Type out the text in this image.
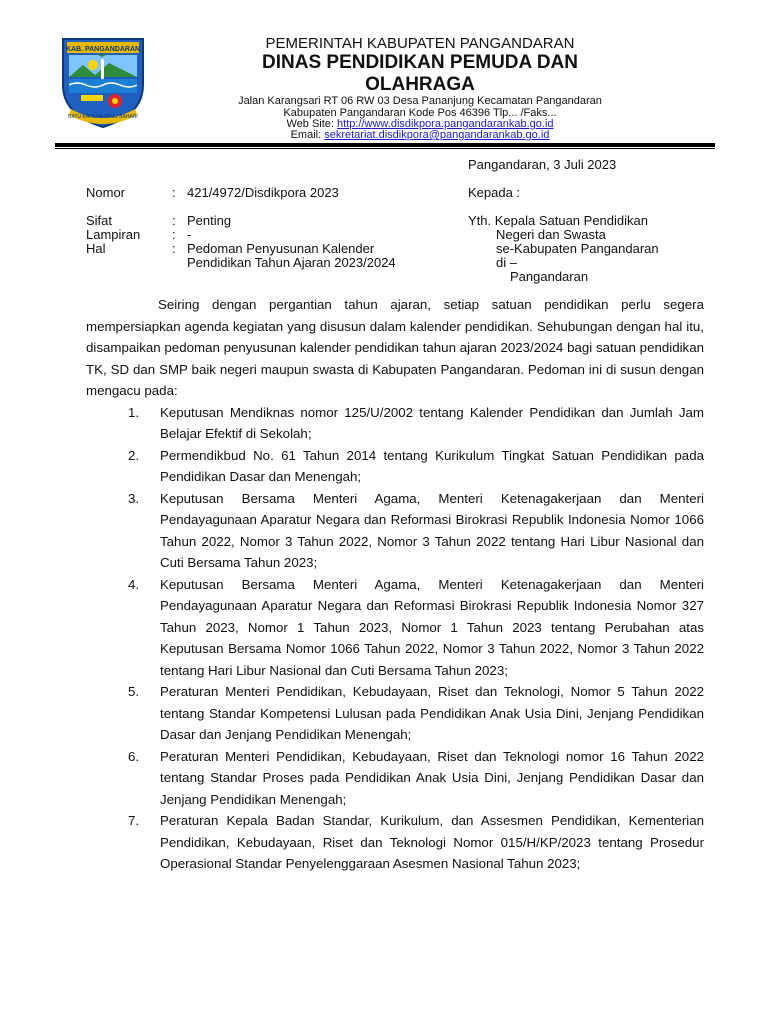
KAB. PANGANDARAN
BATU KARENA MAJU BAHARI
PEMERINTAH KABUPATEN PANGANDARAN
DINAS PENDIDIKAN PEMUDA DAN
OLAHRAGA
Jalan Karangsari RT 06 RW 03 Desa Pananjung Kecamatan Pangandaran
Kabupaten Pangandaran Kode Pos 46396 Tlp... /Faks...
Web Site: http://www.disdikpora.pangandarankab.go.id
Email: sekretariat.disdikpora@pangandarankab.go.id
Pangandaran, 3 Juli 2023
Nomor	: 421/4972/Disdikpora 2023
Sifat	: Penting
Lampiran : -
Hal	: Pedoman Penyusunan Kalender
Pendidikan Tahun Ajaran 2023/2024
Kepada :
Yth. Kepala Satuan Pendidikan
Negeri dan Swasta
se-Kabupaten Pangandaran
di –
Pangandaran

Seiring dengan pergantian tahun ajaran, setiap satuan pendidikan perlu segera mempersiapkan agenda kegiatan yang disusun dalam kalender pendidikan. Sehubungan dengan hal itu, disampaikan pedoman penyusunan kalender pendidikan tahun ajaran 2023/2024 bagi satuan pendidikan TK, SD dan SMP baik negeri maupun swasta di Kabupaten Pangandaran. Pedoman ini di susun dengan mengacu pada:

1. Keputusan Mendiknas nomor 125/U/2002 tentang Kalender Pendidikan dan Jumlah Jam Belajar Efektif di Sekolah;
2. Permendikbud No. 61 Tahun 2014 tentang Kurikulum Tingkat Satuan Pendidikan pada Pendidikan Dasar dan Menengah;
3. Keputusan Bersama Menteri Agama, Menteri Ketenagakerjaan dan Menteri Pendayagunaan Aparatur Negara dan Reformasi Birokrasi Republik Indonesia Nomor 1066 Tahun 2022, Nomor 3 Tahun 2022, Nomor 3 Tahun 2022 tentang Hari Libur Nasional dan Cuti Bersama Tahun 2023;
4. Keputusan Bersama Menteri Agama, Menteri Ketenagakerjaan dan Menteri Pendayagunaan Aparatur Negara dan Reformasi Birokrasi Republik Indonesia Nomor 327 Tahun 2023, Nomor 1 Tahun 2023, Nomor 1 Tahun 2023 tentang Perubahan atas Keputusan Bersama Nomor 1066 Tahun 2022, Nomor 3 Tahun 2022, Nomor 3 Tahun 2022 tentang Hari Libur Nasional dan Cuti Bersama Tahun 2023;
5. Peraturan Menteri Pendidikan, Kebudayaan, Riset dan Teknologi, Nomor 5 Tahun 2022 tentang Standar Kompetensi Lulusan pada Pendidikan Anak Usia Dini, Jenjang Pendidikan Dasar dan Jenjang Pendidikan Menengah;
6. Peraturan Menteri Pendidikan, Kebudayaan, Riset dan Teknologi nomor 16 Tahun 2022 tentang Standar Proses pada Pendidikan Anak Usia Dini, Jenjang Pendidikan Dasar dan Jenjang Pendidikan Menengah;
7. Peraturan Kepala Badan Standar, Kurikulum, dan Assesmen Pendidikan, Kementerian Pendidikan, Kebudayaan, Riset dan Teknologi Nomor 015/H/KP/2023 tentang Prosedur Operasional Standar Penyelenggaraan Asesmen Nasional Tahun 2023;
